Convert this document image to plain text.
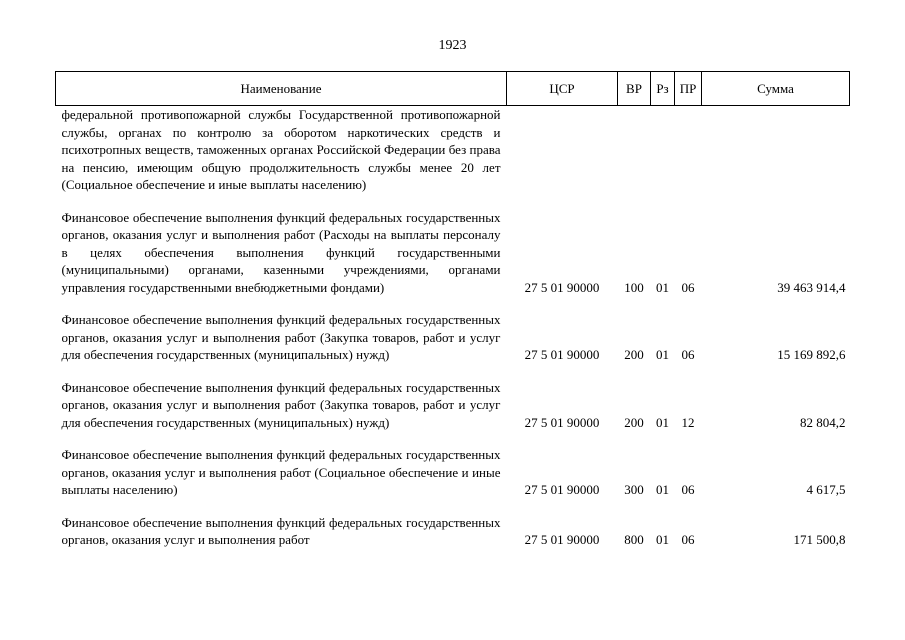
1923
Наименование	ЦСР	ВР	Рз	ПР	Сумма

федеральной противопожарной службы Государственной противопожарной службы, органах по контролю за оборотом наркотических средств и психотропных веществ, таможенных органах Российской Федерации без права на пенсию, имеющим общую продолжительность службы менее 20 лет (Социальное обеспечение и иные выплаты населению)					

Финансовое обеспечение выполнения функций федеральных государственных органов, оказания услуг и выполнения работ (Расходы на выплаты персоналу в целях обеспечения выполнения функций государственными (муниципальными) органами, казенными учреждениями, органами управления государственными внебюджетными фондами)	27 5 01 90000	100	01	06	39 463 914,4

Финансовое обеспечение выполнения функций федеральных государственных органов, оказания услуг и выполнения работ (Закупка товаров, работ и услуг для обеспечения государственных (муниципальных) нужд)	27 5 01 90000	200	01	06	15 169 892,6

Финансовое обеспечение выполнения функций федеральных государственных органов, оказания услуг и выполнения работ (Закупка товаров, работ и услуг для обеспечения государственных (муниципальных) нужд)	27 5 01 90000	200	01	12	82 804,2

Финансовое обеспечение выполнения функций федеральных государственных органов, оказания услуг и выполнения работ (Социальное обеспечение и иные выплаты населению)	27 5 01 90000	300	01	06	4 617,5

Финансовое обеспечение выполнения функций федеральных государственных органов, оказания услуг и выполнения работ	27 5 01 90000	800	01	06	171 500,8
